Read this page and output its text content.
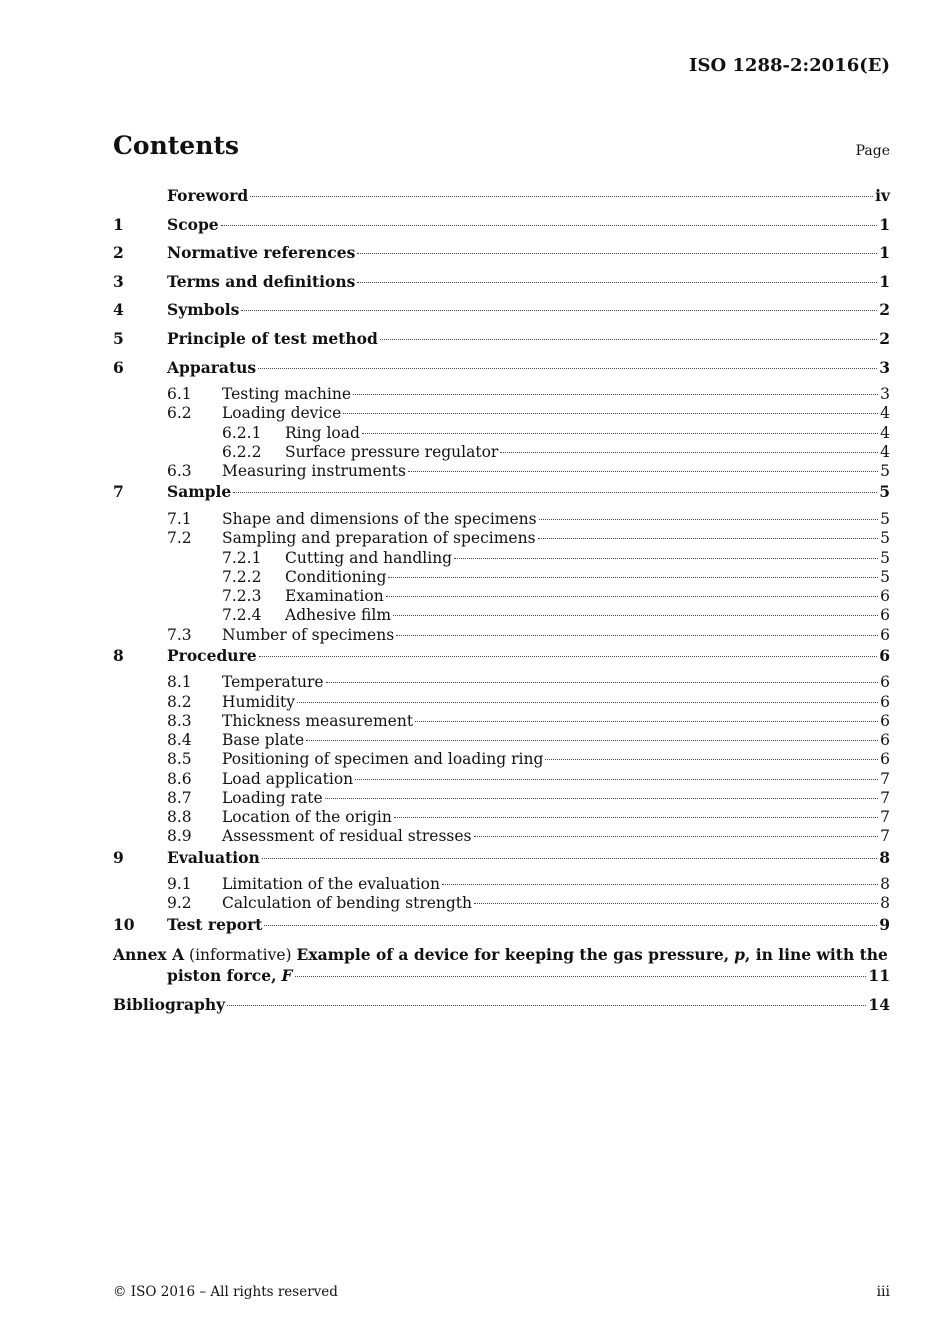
ISO 1288-2:2016(E)
Contents	Page
Foreword	iv
1	Scope	1
2	Normative references	1
3	Terms and definitions	1
4	Symbols	2
5	Principle of test method	2
6	Apparatus	3
6.1	Testing machine	3
6.2	Loading device	4
6.2.1	Ring load	4
6.2.2	Surface pressure regulator	4
6.3	Measuring instruments	5
7	Sample	5
7.1	Shape and dimensions of the specimens	5
7.2	Sampling and preparation of specimens	5
7.2.1	Cutting and handling	5
7.2.2	Conditioning	5
7.2.3	Examination	6
7.2.4	Adhesive film	6
7.3	Number of specimens	6
8	Procedure	6
8.1	Temperature	6
8.2	Humidity	6
8.3	Thickness measurement	6
8.4	Base plate	6
8.5	Positioning of specimen and loading ring	6
8.6	Load application	7
8.7	Loading rate	7
8.8	Location of the origin	7
8.9	Assessment of residual stresses	7
9	Evaluation	8
9.1	Limitation of the evaluation	8
9.2	Calculation of bending strength	8
10	Test report	9
Annex A (informative) Example of a device for keeping the gas pressure, p, in line with the
piston force, F	11
Bibliography	14
© ISO 2016 – All rights reserved	iii
